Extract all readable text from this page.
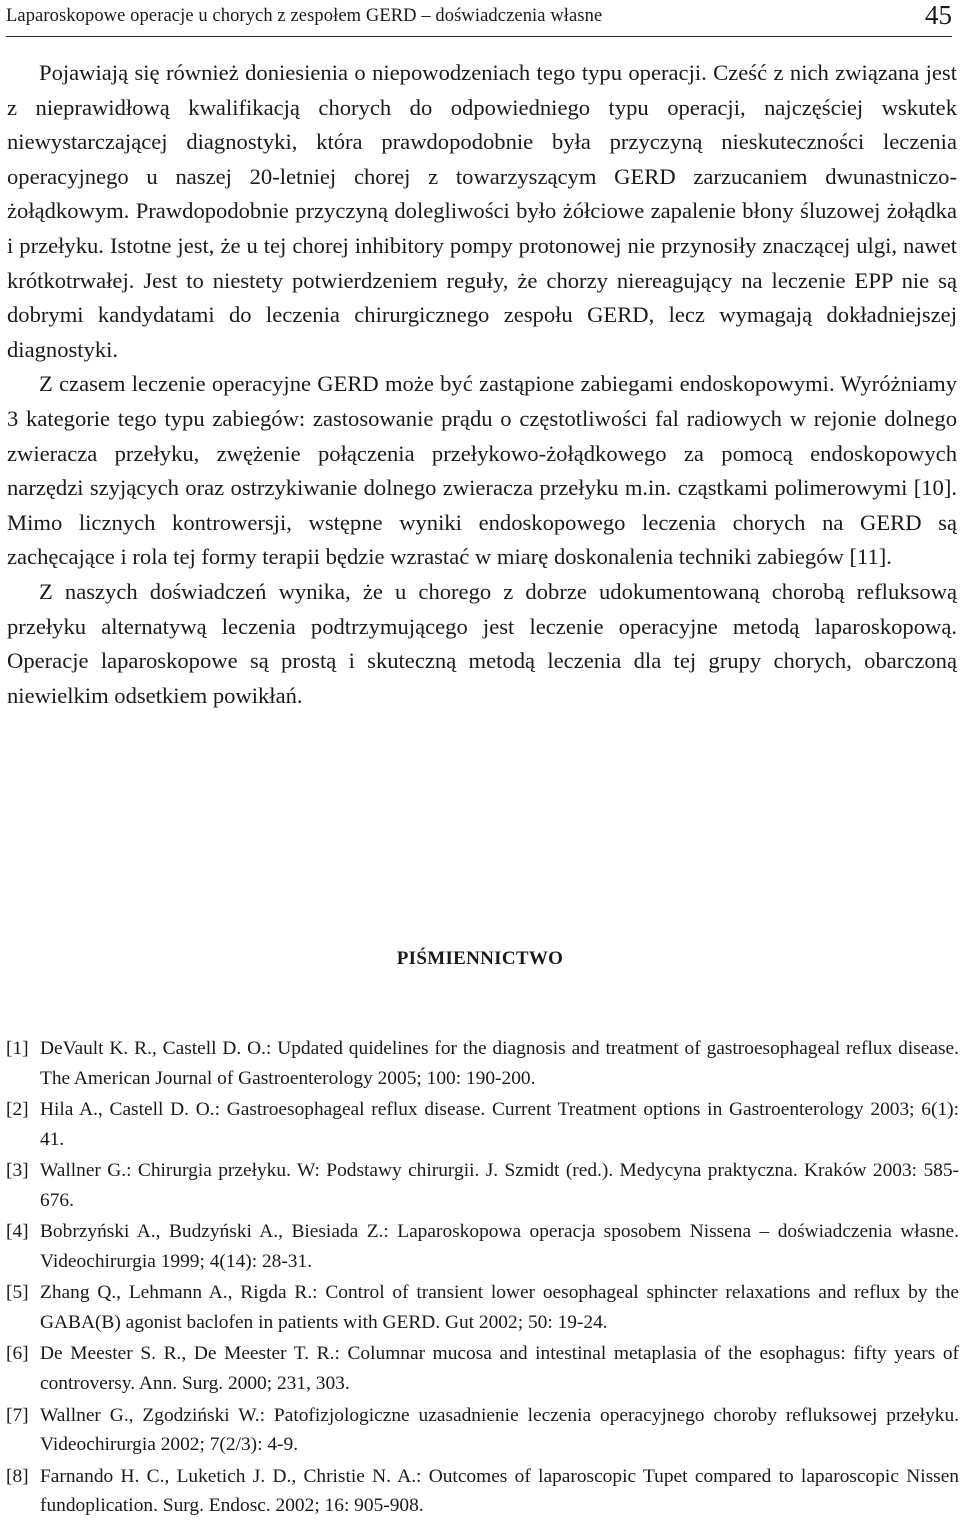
Laparoskopowe operacje u chorych z zespołem GERD – doświadczenia własne	45

Pojawiają się również doniesienia o niepowodzeniach tego typu operacji. Cześć z nich związana jest z nieprawidłową kwalifikacją chorych do odpowiedniego typu operacji, najczęściej wskutek niewystarczającej diagnostyki, która prawdopodobnie była przyczyną nieskuteczności leczenia operacyjnego u naszej 20-letniej chorej z towarzyszącym GERD zarzucaniem dwunastniczo-żołądkowym. Prawdopodobnie przyczyną dolegliwości było żółciowe zapalenie błony śluzowej żołądka i przełyku. Istotne jest, że u tej chorej inhibitory pompy protonowej nie przynosiły znaczącej ulgi, nawet krótkotrwałej. Jest to niestety potwierdzeniem reguły, że chorzy niereagujący na leczenie EPP nie są dobrymi kandydatami do leczenia chirurgicznego zespołu GERD, lecz wymagają dokładniejszej diagnostyki.

Z czasem leczenie operacyjne GERD może być zastąpione zabiegami endoskopowymi. Wyróżniamy 3 kategorie tego typu zabiegów: zastosowanie prądu o częstotliwości fal radiowych w rejonie dolnego zwieracza przełyku, zwężenie połączenia przełykowo-żołądkowego za pomocą endoskopowych narzędzi szyjących oraz ostrzykiwanie dolnego zwieracza przełyku m.in. cząstkami polimerowymi [10]. Mimo licznych kontrowersji, wstępne wyniki endoskopowego leczenia chorych na GERD są zachęcające i rola tej formy terapii będzie wzrastać w miarę doskonalenia techniki zabiegów [11].

Z naszych doświadczeń wynika, że u chorego z dobrze udokumentowaną chorobą refluksową przełyku alternatywą leczenia podtrzymującego jest leczenie operacyjne metodą laparoskopową. Operacje laparoskopowe są prostą i skuteczną metodą leczenia dla tej grupy chorych, obarczoną niewielkim odsetkiem powikłań.

PIŚMIENNICTWO
[1] DeVault K. R., Castell D. O.: Updated quidelines for the diagnosis and treatment of gastroesophageal reflux disease. The American Journal of Gastroenterology 2005; 100: 190-200.
[2] Hila A., Castell D. O.: Gastroesophageal reflux disease. Current Treatment options in Gastroenterology 2003; 6(1): 41.
[3] Wallner G.: Chirurgia przełyku. W: Podstawy chirurgii. J. Szmidt (red.). Medycyna praktyczna. Kraków 2003: 585-676.
[4] Bobrzyński A., Budzyński A., Biesiada Z.: Laparoskopowa operacja sposobem Nissena – doświadczenia własne. Videochirurgia 1999; 4(14): 28-31.
[5] Zhang Q., Lehmann A., Rigda R.: Control of transient lower oesophageal sphincter relaxations and reflux by the GABA(B) agonist baclofen in patients with GERD. Gut 2002; 50: 19-24.
[6] De Meester S. R., De Meester T. R.: Columnar mucosa and intestinal metaplasia of the esophagus: fifty years of controversy. Ann. Surg. 2000; 231, 303.
[7] Wallner G., Zgodziński W.: Patofizjologiczne uzasadnienie leczenia operacyjnego choroby refluksowej przełyku. Videochirurgia 2002; 7(2/3): 4-9.
[8] Farnando H. C., Luketich J. D., Christie N. A.: Outcomes of laparoscopic Tupet compared to laparoscopic Nissen fundoplication. Surg. Endosc. 2002; 16: 905-908.
